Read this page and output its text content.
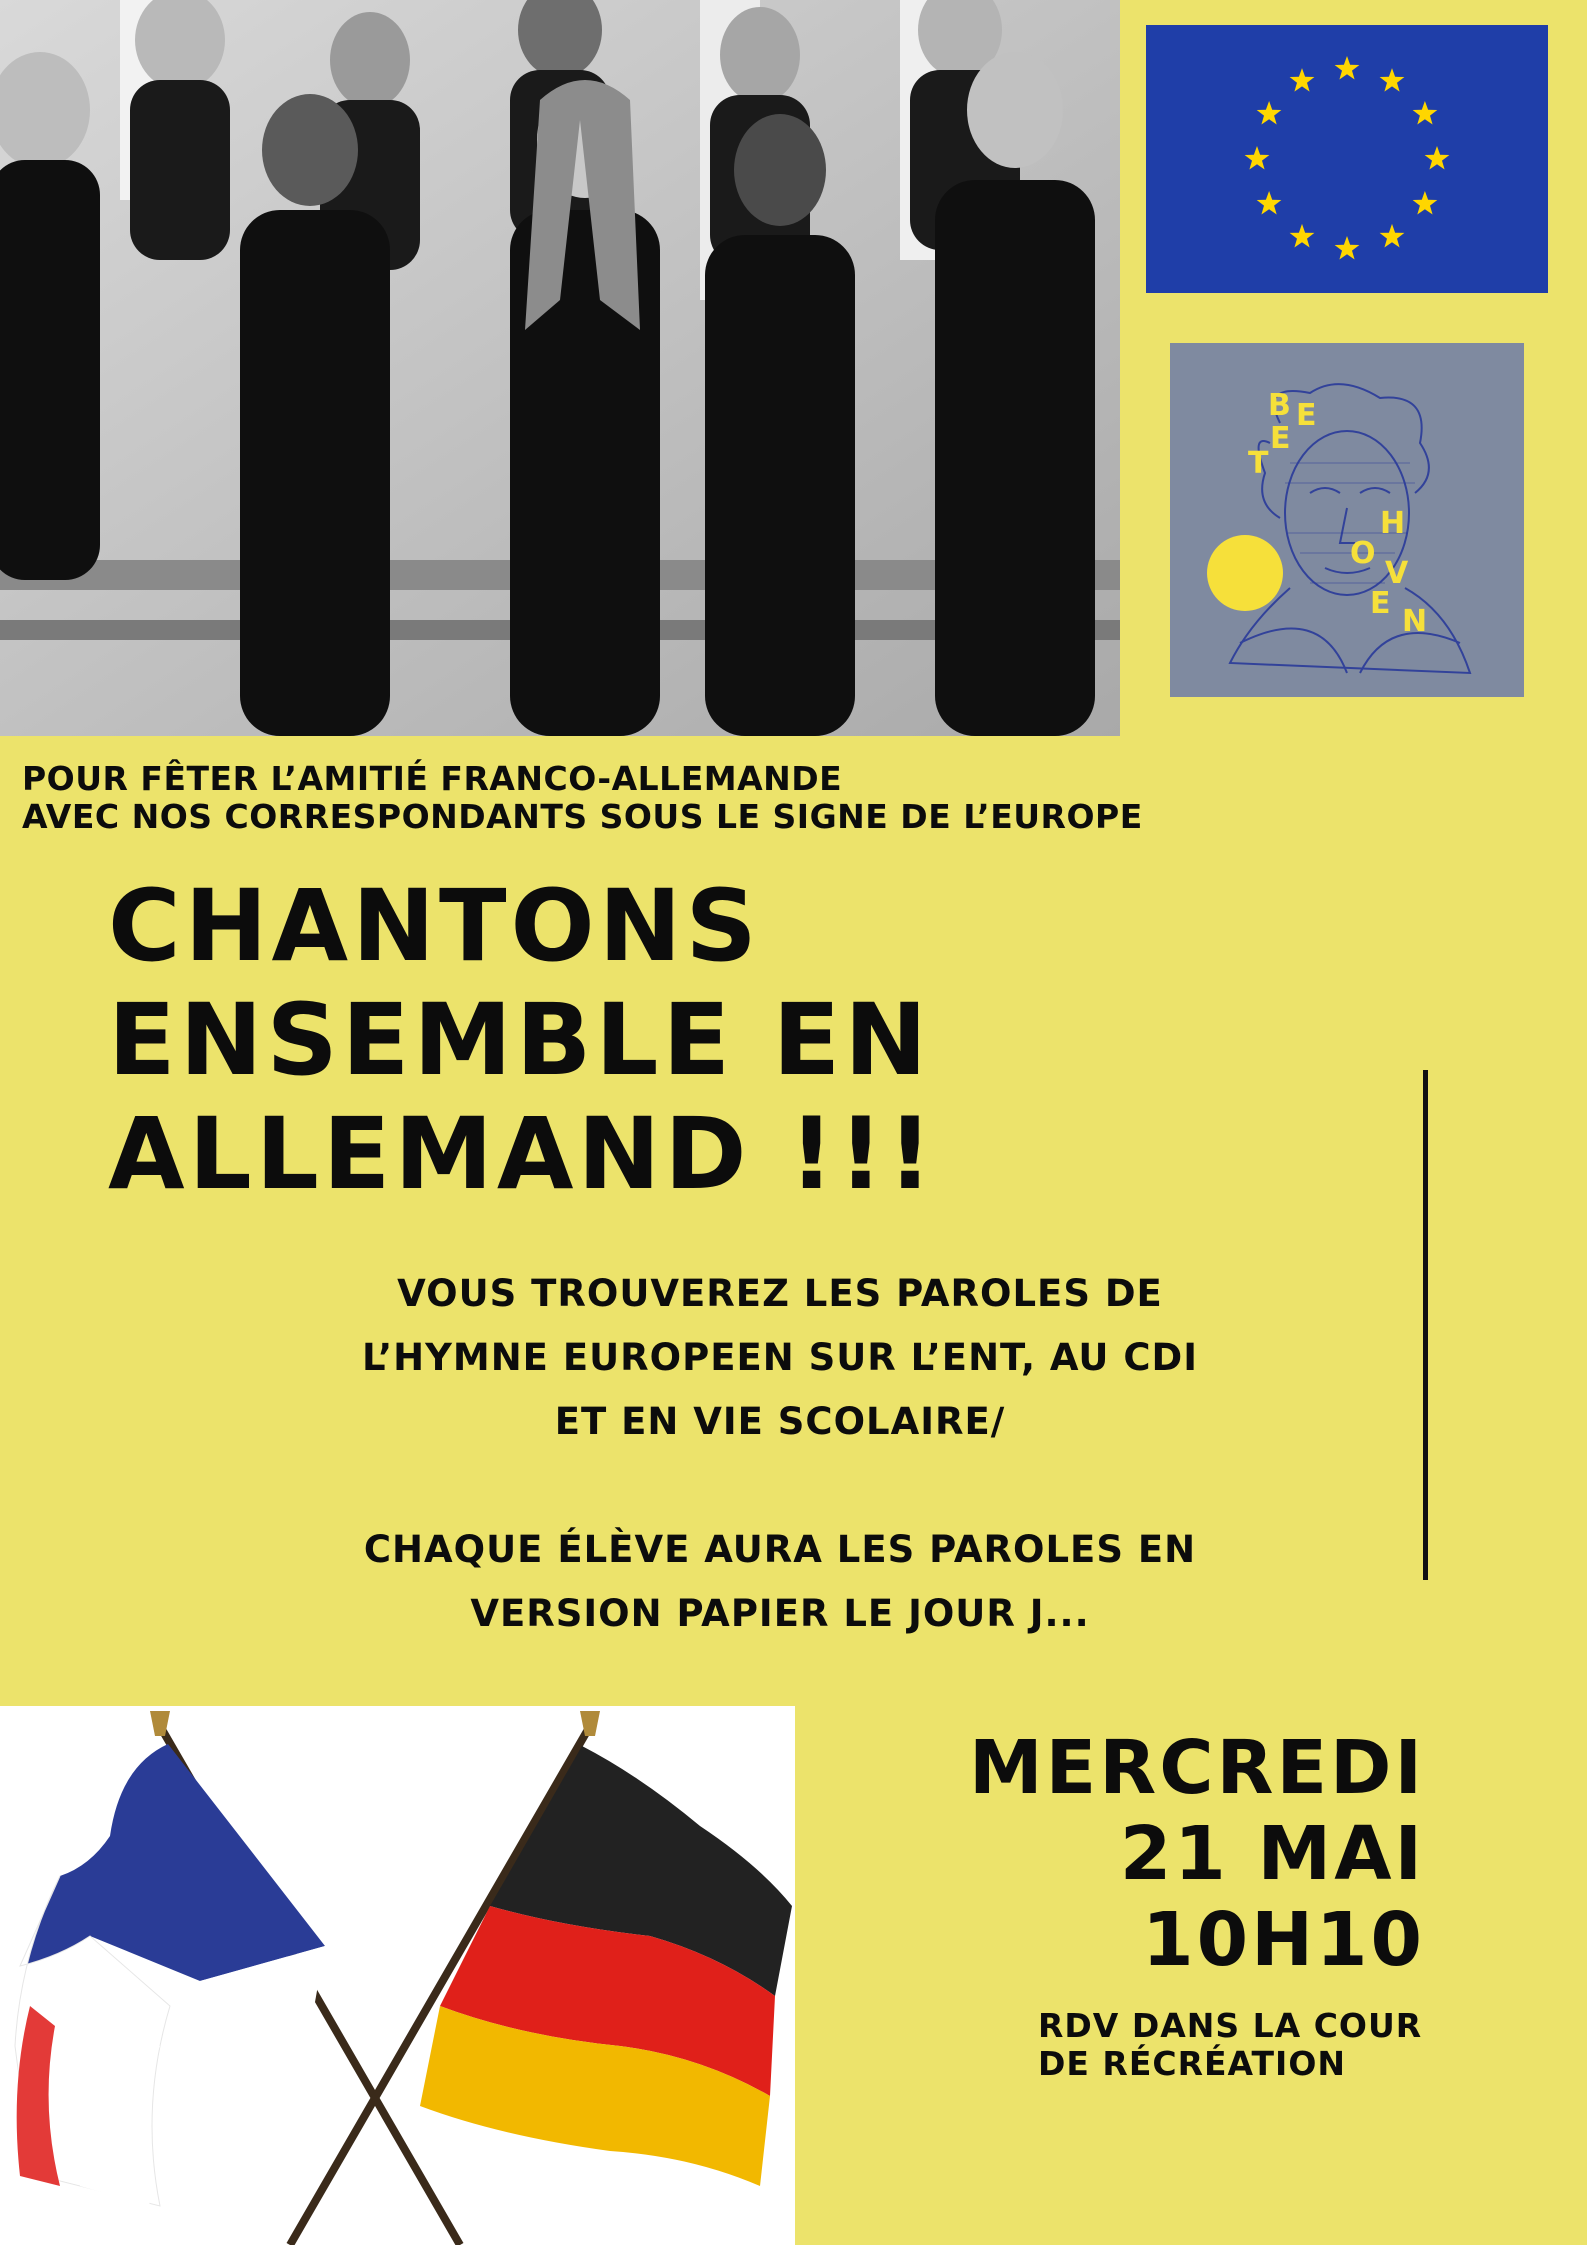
B E
E
T
H
O
V
E
N
POUR FÊTER L’AMITIÉ FRANCO-ALLEMANDE
AVEC NOS CORRESPONDANTS SOUS LE SIGNE DE L’EUROPE
CHANTONS
ENSEMBLE EN
ALLEMAND !!!

VOUS TROUVEREZ LES PAROLES DE

L’HYMNE EUROPEEN SUR L’ENT, AU CDI

ET EN VIE SCOLAIRE/

CHAQUE ÉLÈVE AURA LES PAROLES EN

VERSION PAPIER LE JOUR J...

MERCREDI
21 MAI
10H10
RDV DANS LA COUR
DE RÉCRÉATION
